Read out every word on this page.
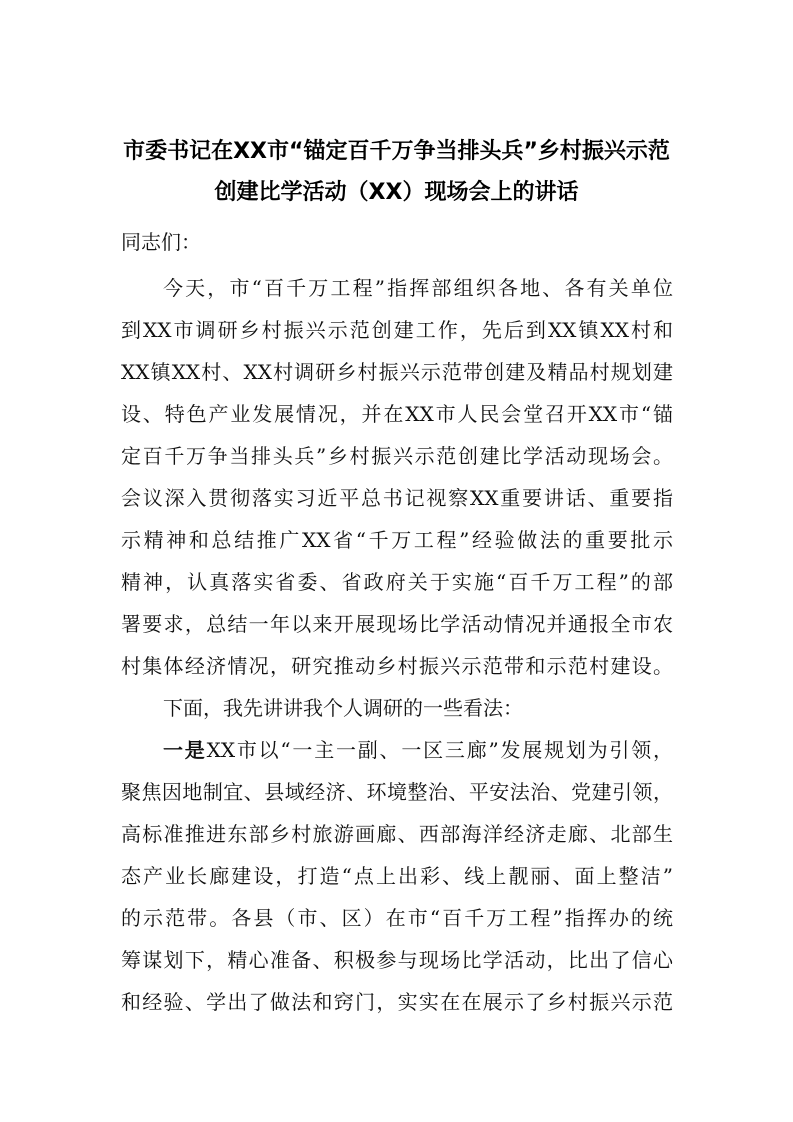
市委书记在XX市“锚定百千万争当排头兵”乡村振兴示范
创建比学活动（XX）现场会上的讲话
同志们：
今天，市“百千万工程”指挥部组织各地、各有关单位
到XX市调研乡村振兴示范创建工作，先后到XX镇XX村和
XX镇XX村、XX村调研乡村振兴示范带创建及精品村规划建
设、特色产业发展情况，并在XX市人民会堂召开XX市“锚
定百千万争当排头兵”乡村振兴示范创建比学活动现场会。
会议深入贯彻落实习近平总书记视察XX重要讲话、重要指
示精神和总结推广XX省“千万工程”经验做法的重要批示
精神，认真落实省委、省政府关于实施“百千万工程”的部
署要求，总结一年以来开展现场比学活动情况并通报全市农
村集体经济情况，研究推动乡村振兴示范带和示范村建设。
下面，我先讲讲我个人调研的一些看法：
一是XX市以“一主一副、一区三廊”发展规划为引领，
聚焦因地制宜、县域经济、环境整治、平安法治、党建引领，
高标准推进东部乡村旅游画廊、西部海洋经济走廊、北部生
态产业长廊建设，打造“点上出彩、线上靓丽、面上整洁”
的示范带。各县（市、区）在市“百千万工程”指挥办的统
筹谋划下，精心准备、积极参与现场比学活动，比出了信心
和经验、学出了做法和窍门，实实在在展示了乡村振兴示范
